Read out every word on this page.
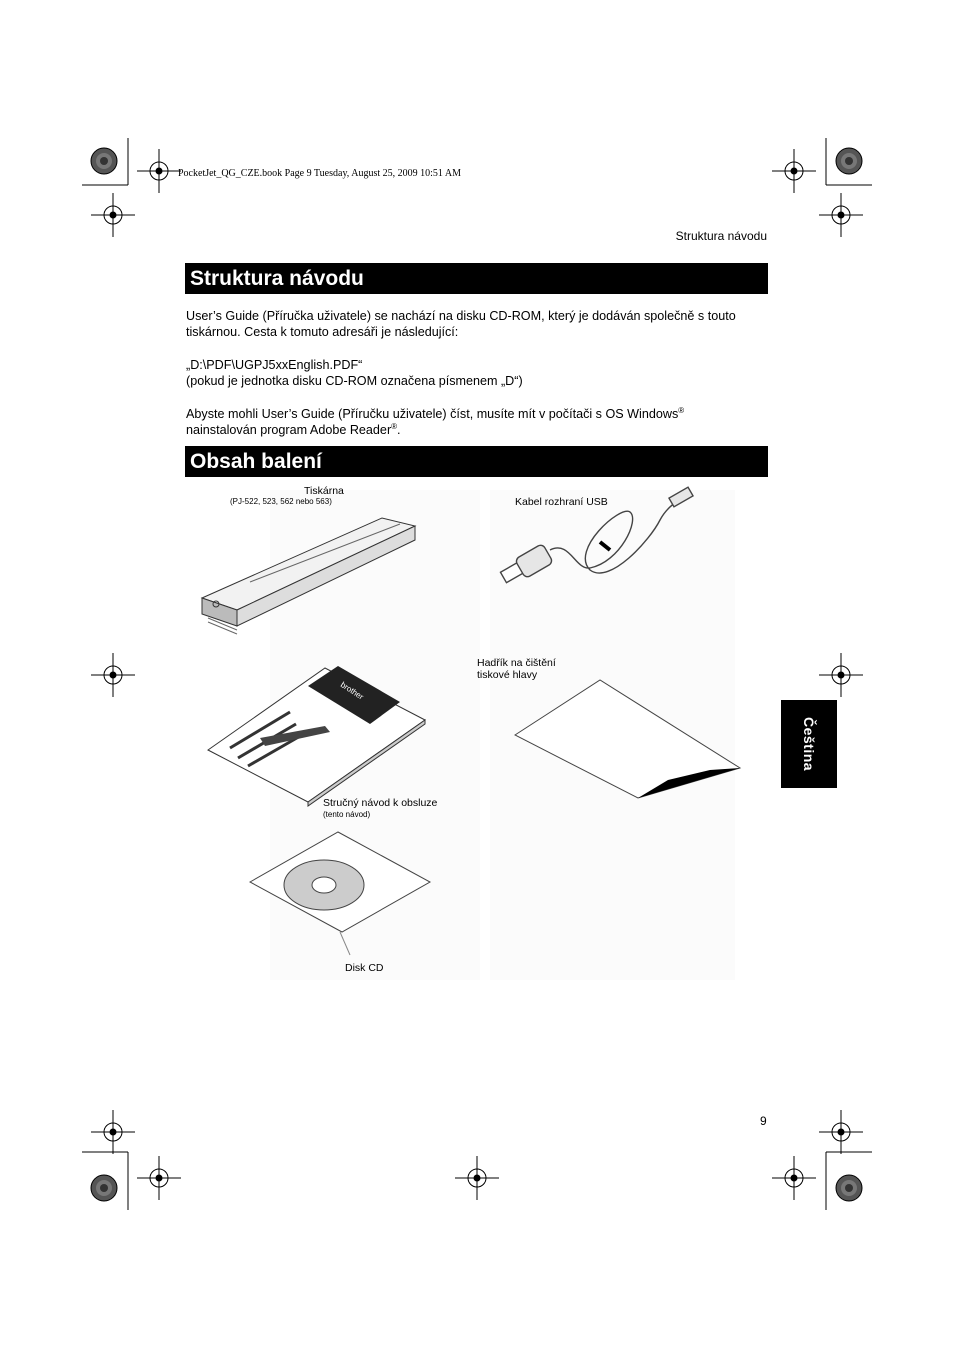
PocketJet_QG_CZE.book Page 9 Tuesday, August 25, 2009 10:51 AM
Struktura návodu
Struktura návodu

User’s Guide (Příručka uživatele) se nachází na disku CD-ROM, který je dodáván společně s touto tiskárnou. Cesta k tomuto adresáři je následující:

„D:\PDF\UGPJ5xxEnglish.PDF“

(pokud je jednotka disku CD-ROM označena písmenem „D“)

Abyste mohli User’s Guide (Příručku uživatele) číst, musíte mít v počítači s OS Windows®
nainstalován program Adobe Reader®.

Obsah balení
brother
Tiskárna
(PJ-522, 523, 562 nebo 563)	Kabel rozhraní USB
Hadřík na čištění
tiskové hlavy
Stručný návod k obsluze
(tento návod)
Disk CD
Čeština
9
